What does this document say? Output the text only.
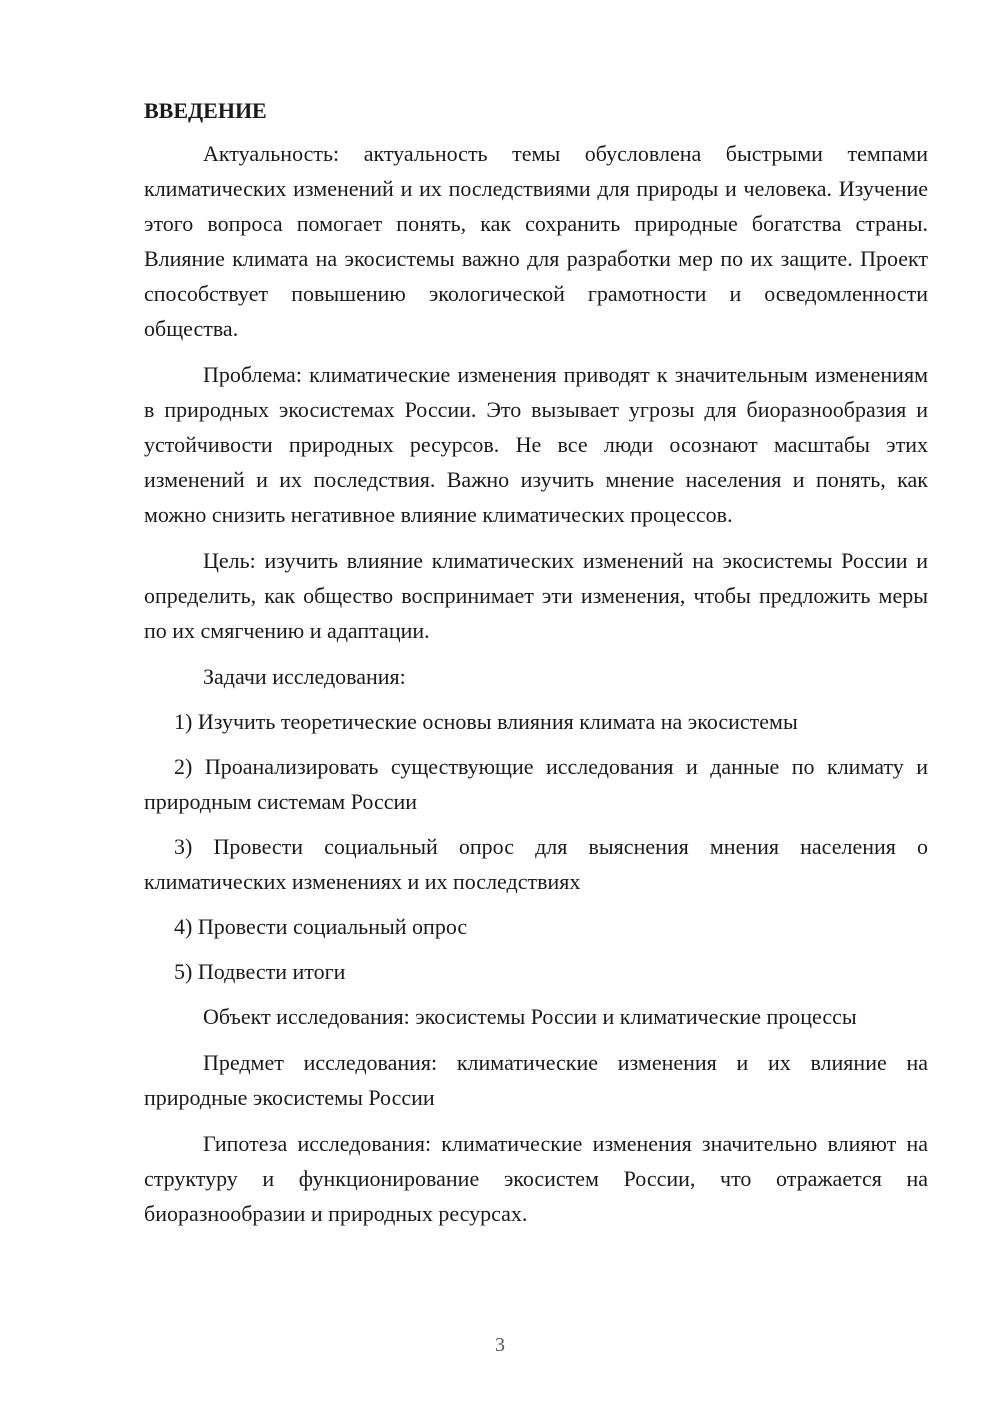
ВВЕДЕНИЕ

Актуальность: актуальность темы обусловлена быстрыми темпами климатических изменений и их последствиями для природы и человека. Изучение этого вопроса помогает понять, как сохранить природные богатства страны. Влияние климата на экосистемы важно для разработки мер по их защите. Проект способствует повышению экологической грамотности и осведомленности общества.

Проблема: климатические изменения приводят к значительным изменениям в природных экосистемах России. Это вызывает угрозы для биоразнообразия и устойчивости природных ресурсов. Не все люди осознают масштабы этих изменений и их последствия. Важно изучить мнение населения и понять, как можно снизить негативное влияние климатических процессов.

Цель: изучить влияние климатических изменений на экосистемы России и определить, как общество воспринимает эти изменения, чтобы предложить меры по их смягчению и адаптации.

Задачи исследования:

1) Изучить теоретические основы влияния климата на экосистемы

2) Проанализировать существующие исследования и данные по климату и природным системам России

3) Провести социальный опрос для выяснения мнения населения о климатических изменениях и их последствиях

4) Провести социальный опрос

5) Подвести итоги

Объект исследования: экосистемы России и климатические процессы

Предмет исследования: климатические изменения и их влияние на природные экосистемы России

Гипотеза исследования: климатические изменения значительно влияют на структуру и функционирование экосистем России, что отражается на биоразнообразии и природных ресурсах.

3
